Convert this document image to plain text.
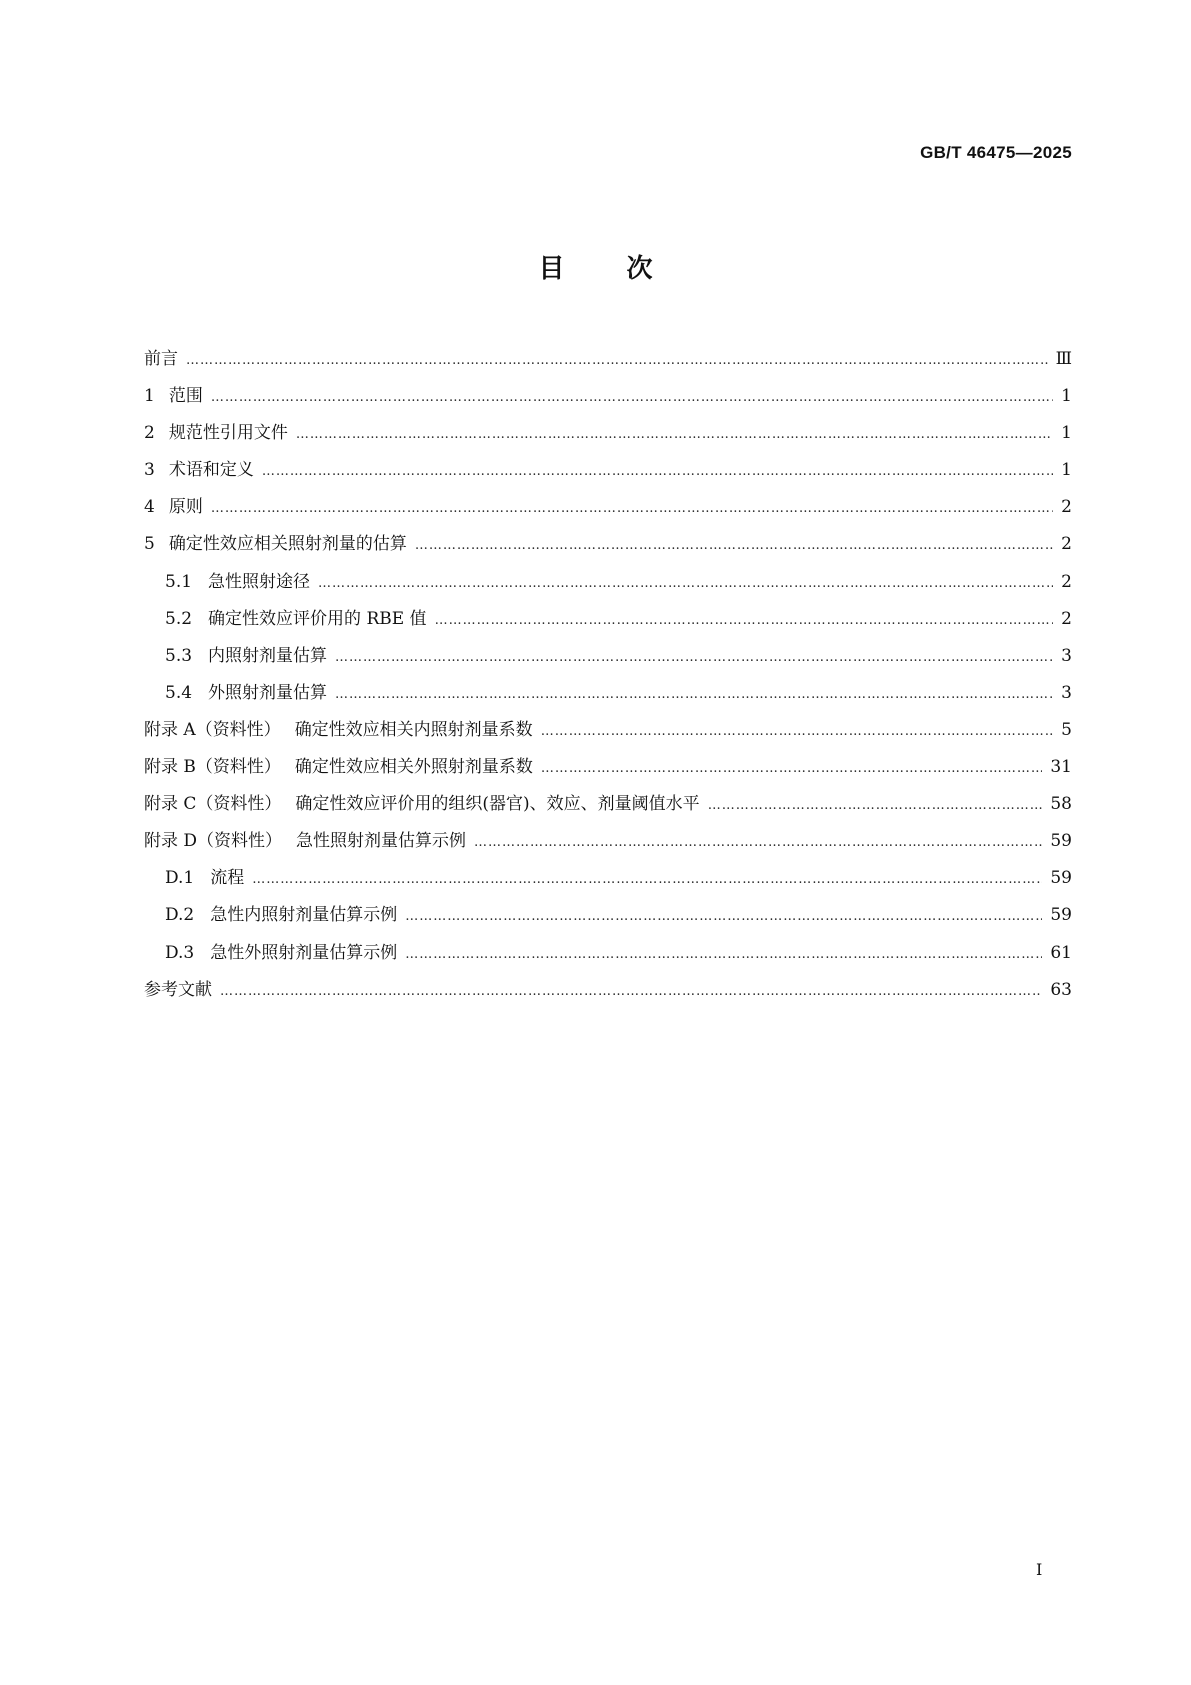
GB/T 46475—2025
目 次
前言 ……………………………………………………………………………………………………………………………………………………………………………………………………………………………………	Ⅲ
1 范围 ……………………………………………………………………………………………………………………………………………………………………………………………………………………………………	1
2 规范性引用文件 ……………………………………………………………………………………………………………………………………………………………………………………………………………………………………	1
3 术语和定义 ……………………………………………………………………………………………………………………………………………………………………………………………………………………………………	1
4 原则 ……………………………………………………………………………………………………………………………………………………………………………………………………………………………………	2
5 确定性效应相关照射剂量的估算 ……………………………………………………………………………………………………………………………………………………………………………………………………………………………………	2
5.1 急性照射途径 ……………………………………………………………………………………………………………………………………………………………………………………………………………………………………	2
5.2 确定性效应评价用的 RBE 值 ……………………………………………………………………………………………………………………………………………………………………………………………………………………………………	2
5.3 内照射剂量估算 ……………………………………………………………………………………………………………………………………………………………………………………………………………………………………	3
5.4 外照射剂量估算 ……………………………………………………………………………………………………………………………………………………………………………………………………………………………………	3
附录 A（资料性） 确定性效应相关内照射剂量系数 ……………………………………………………………………………………………………………………………………………………………………………………………………………………………………	5
附录 B（资料性） 确定性效应相关外照射剂量系数 ……………………………………………………………………………………………………………………………………………………………………………………………………………………………………	31
附录 C（资料性） 确定性效应评价用的组织(器官)、效应、剂量阈值水平 ……………………………………………………………………………………………………………………………………………………………………………………………………………………………………	58
附录 D（资料性） 急性照射剂量估算示例 ……………………………………………………………………………………………………………………………………………………………………………………………………………………………………	59
D.1 流程 ……………………………………………………………………………………………………………………………………………………………………………………………………………………………………	59
D.2 急性内照射剂量估算示例 ……………………………………………………………………………………………………………………………………………………………………………………………………………………………………	59
D.3 急性外照射剂量估算示例 ……………………………………………………………………………………………………………………………………………………………………………………………………………………………………	61
参考文献 ……………………………………………………………………………………………………………………………………………………………………………………………………………………………………	63
I
